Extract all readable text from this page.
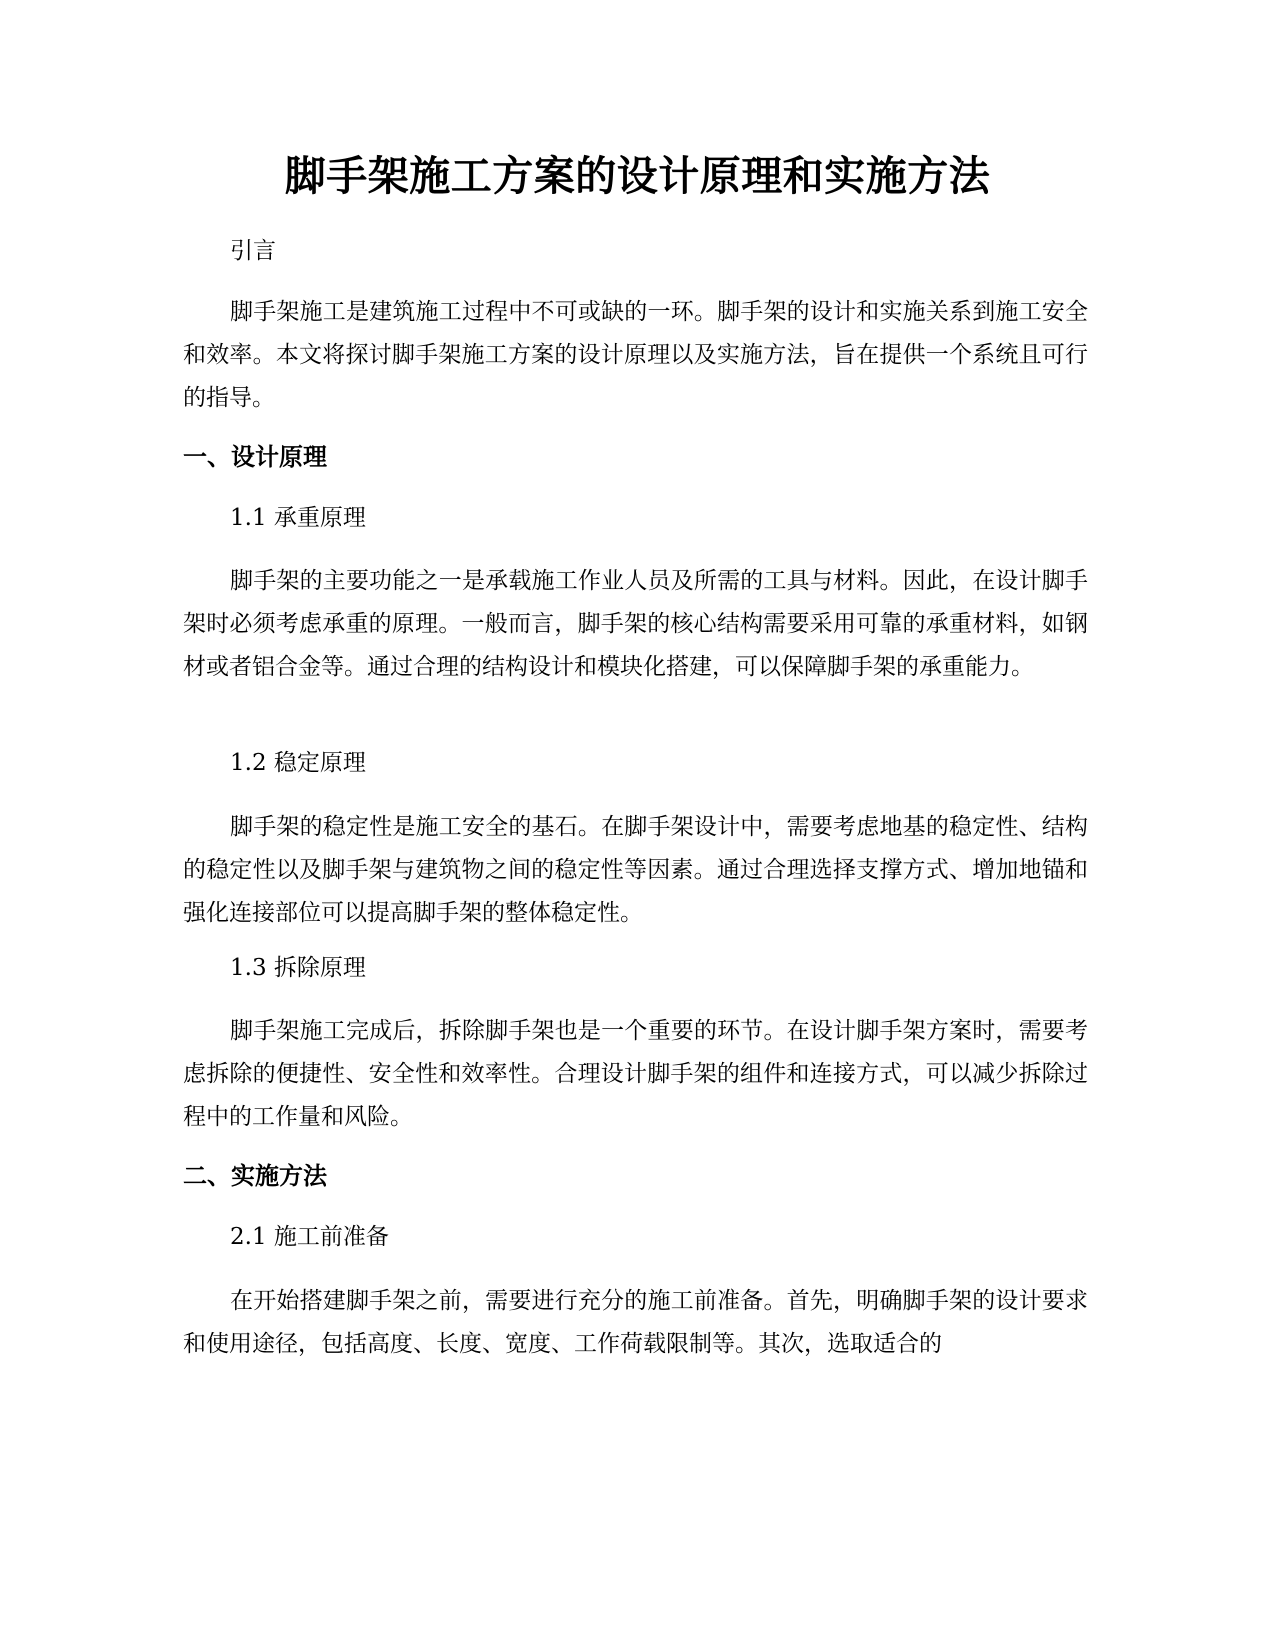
脚手架施工方案的设计原理和实施方法

引言

脚手架施工是建筑施工过程中不可或缺的一环。脚手架的设计和实施关系到施工安全和效率。本文将探讨脚手架施工方案的设计原理以及实施方法，旨在提供一个系统且可行的指导。

一、设计原理

1.1 承重原理

脚手架的主要功能之一是承载施工作业人员及所需的工具与材料。因此，在设计脚手架时必须考虑承重的原理。一般而言，脚手架的核心结构需要采用可靠的承重材料，如钢材或者铝合金等。通过合理的结构设计和模块化搭建，可以保障脚手架的承重能力。

1.2 稳定原理

脚手架的稳定性是施工安全的基石。在脚手架设计中，需要考虑地基的稳定性、结构的稳定性以及脚手架与建筑物之间的稳定性等因素。通过合理选择支撑方式、增加地锚和强化连接部位可以提高脚手架的整体稳定性。

1.3 拆除原理

脚手架施工完成后，拆除脚手架也是一个重要的环节。在设计脚手架方案时，需要考虑拆除的便捷性、安全性和效率性。合理设计脚手架的组件和连接方式，可以减少拆除过程中的工作量和风险。

二、实施方法

2.1 施工前准备

在开始搭建脚手架之前，需要进行充分的施工前准备。首先，明确脚手架的设计要求和使用途径，包括高度、长度、宽度、工作荷载限制等。其次，选取适合的
